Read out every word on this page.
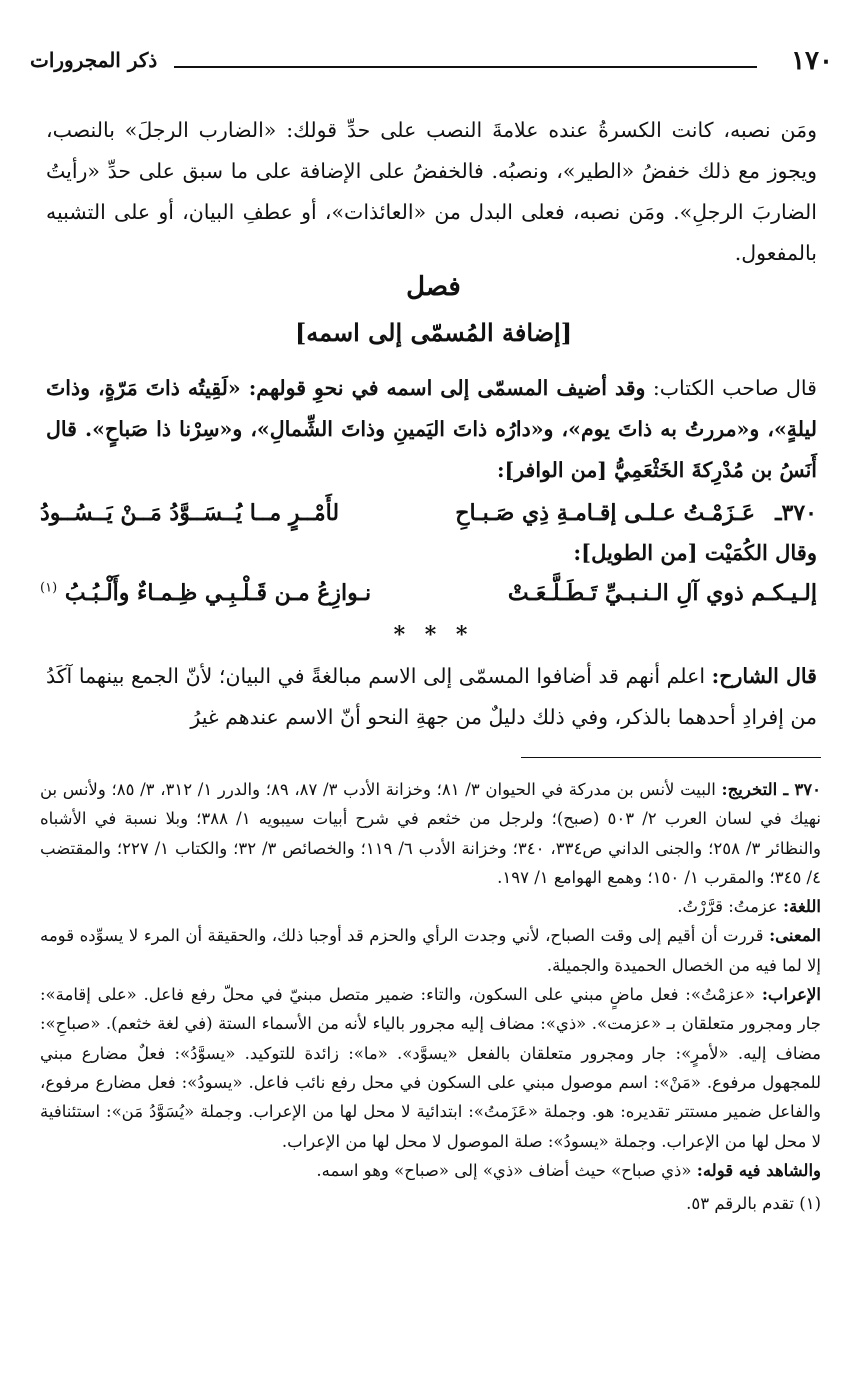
١٧٠
ذكر المجرورات

ومَن نصبه، كانت الكسرةُ عنده علامةَ النصب على حدِّ قولك: «الضارب الرجلَ» بالنصب، ويجوز مع ذلك خفضُ «الطير»، ونصبُه. فالخفضُ على الإضافة على ما سبق على حدِّ «رأيتُ الضاربَ الرجلِ». ومَن نصبه، فعلى البدل من «العائذات»، أو عطفِ البيان، أو على التشبيه بالمفعول.

فصل
[إضافة المُسمّى إلى اسمه]

قال صاحب الكتاب: وقد أضيف المسمّى إلى اسمه في نحوِ قولهم: «لَقِيتُه ذاتَ مَرّةٍ، وذاتَ ليلةٍ»، و«مررتُ به ذاتَ يوم»، و«دارُه ذاتَ اليَمينِ وذاتَ الشِّمالِ»، و«سِرْنا ذا صَباحٍ». قال أَنَسُ بن مُدْرِكةَ الخَثْعَمِيُّ [من الوافر]:

٣٧٠ـ
عَـزَمْـتُ عـلـى إقـامـةِ ذِي صَـبـاحِ
لأَمْــرٍ مــا يُــسَــوَّدُ مَــنْ يَــسُــودُ
وقال الكُمَيْت [من الطويل]:
إلـيـكـم ذوي آلِ الـنـبـيِّ تَـطَـلَّـعَـتْ
نـوازِعُ مـن قَـلْـبِـي ظِـمـاءٌ وأَلْـبُـبُ $^{(١)}$
* * *

قال الشارح: اعلم أنهم قد أضافوا المسمّى إلى الاسم مبالغةً في البيان؛ لأنّ الجمع بينهما آكَدُ من إفرادِ أحدهما بالذكر، وفي ذلك دليلٌ من جهةِ النحو أنّ الاسم عندهم غيرُ

٣٧٠ ـ التخريج: البيت لأنس بن مدركة في الحيوان ٣/ ٨١؛ وخزانة الأدب ٣/ ٨٧، ٨٩؛ والدرر ١/ ٣١٢، ٣/ ٨٥؛ ولأنس بن نهيك في لسان العرب ٢/ ٥٠٣ (صبح)؛ ولرجل من خثعم في شرح أبيات سيبويه ١/ ٣٨٨؛ وبلا نسبة في الأشباه والنظائر ٣/ ٢٥٨؛ والجنى الداني ص٣٣٤، ٣٤٠؛ وخزانة الأدب ٦/ ١١٩؛ والخصائص ٣/ ٣٢؛ والكتاب ١/ ٢٢٧؛ والمقتضب ٤/ ٣٤٥؛ والمقرب ١/ ١٥٠؛ وهمع الهوامع ١/ ١٩٧.

اللغة: عزمتُ: قرَّرْتُ.

المعنى: قررت أن أقيم إلى وقت الصباح، لأني وجدت الرأي والحزم قد أوجبا ذلك، والحقيقة أن المرء لا يسوِّده قومه إلا لما فيه من الخصال الحميدة والجميلة.

الإعراب: «عزمْتُ»: فعل ماضٍ مبني على السكون، والتاء: ضمير متصل مبنيّ في محلّ رفع فاعل. «على إقامة»: جار ومجرور متعلقان بـ «عزمت». «ذي»: مضاف إليه مجرور بالياء لأنه من الأسماء الستة (في لغة خثعم). «صباحِ»: مضاف إليه. «لأمرٍ»: جار ومجرور متعلقان بالفعل «يسوَّد». «ما»: زائدة للتوكيد. «يسوَّدُ»: فعلٌ مضارع مبني للمجهول مرفوع. «مَنْ»: اسم موصول مبني على السكون في محل رفع نائب فاعل. «يسودُ»: فعل مضارع مرفوع، والفاعل ضمير مستتر تقديره: هو. وجملة «عَزَمتُ»: ابتدائية لا محل لها من الإعراب. وجملة «يُسَوَّدُ مَن»: استئنافية لا محل لها من الإعراب. وجملة «يسودُ»: صلة الموصول لا محل لها من الإعراب.

والشاهد فيه قوله: «ذي صباح» حيث أضاف «ذي» إلى «صباح» وهو اسمه.

(١) تقدم بالرقم ٥٣.
